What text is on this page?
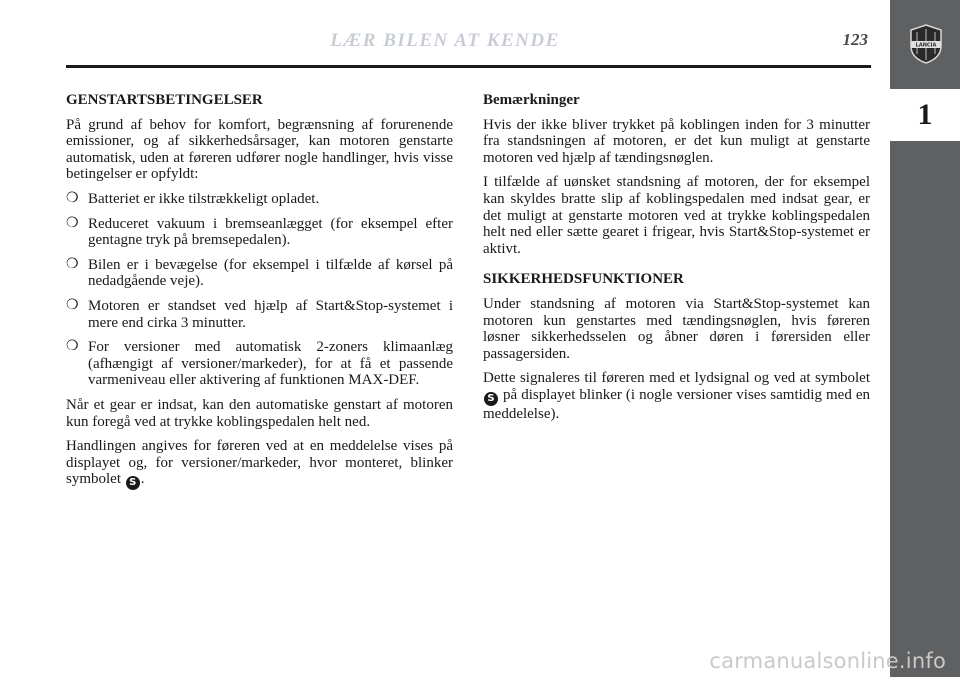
LÆR BILEN AT KENDE	123	LANCIA
1

GENSTARTSBETINGELSER

På grund af behov for komfort, begrænsning af forurenende emissioner, og af sikkerhedsårsager, kan motoren genstarte automatisk, uden at føreren udfører nogle handlinger, hvis visse betingelser er opfyldt:

❍ Batteriet er ikke tilstrækkeligt opladet.
❍ Reduceret vakuum i bremseanlægget (for eksempel efter gentagne tryk på bremsepedalen).
❍ Bilen er i bevægelse (for eksempel i tilfælde af kørsel på nedadgående veje).
❍ Motoren er standset ved hjælp af Start&Stop-systemet i mere end cirka 3 minutter.
❍ For versioner med automatisk 2-zoners klimaanlæg (afhængigt af versioner/markeder), for at få et passende varmeniveau eller aktivering af funktionen MAX-DEF.

Når et gear er indsat, kan den automatiske genstart af motoren kun foregå ved at trykke koblingspedalen helt ned.

Handlingen angives for føreren ved at en meddelelse vises på displayet og, for versioner/markeder, hvor monteret, blinker symbolet S .

Bemærkninger

Hvis der ikke bliver trykket på koblingen inden for 3 minutter fra standsningen af motoren, er det kun muligt at genstarte motoren ved hjælp af tændingsnøglen.

I tilfælde af uønsket standsning af motoren, der for eksempel kan skyldes bratte slip af koblingspedalen med indsat gear, er det muligt at genstarte motoren ved at trykke koblingspedalen helt ned eller sætte gearet i frigear, hvis Start&Stop-systemet er aktivt.

SIKKERHEDSFUNKTIONER

Under standsning af motoren via Start&Stop-systemet kan motoren kun genstartes med tændingsnøglen, hvis føreren løsner sikkerhedsselen og åbner døren i førersiden eller passagersiden.

Dette signaleres til føreren med et lydsignal og ved at symbolet S på displayet blinker (i nogle versioner vises samtidig med en meddelelse).

carmanualsonline.info
